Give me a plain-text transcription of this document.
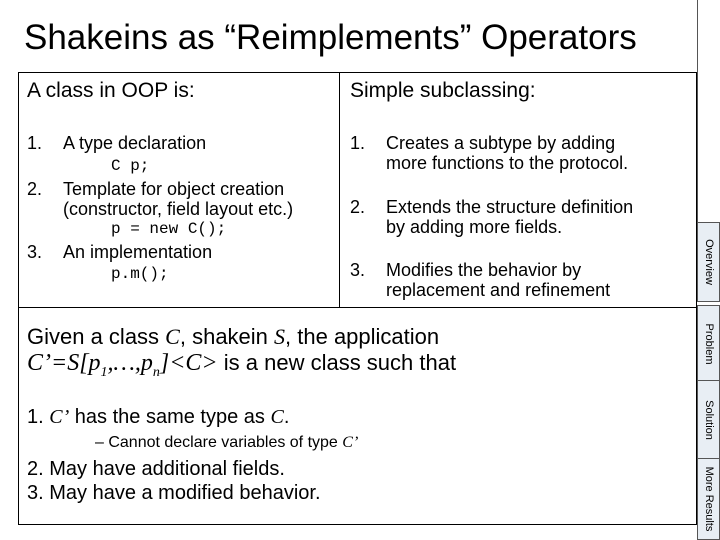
Shakeins as “Reimplements” Operators
A class in OOP is:
1. A type declaration
C p;
2. Template for object creation
(constructor, field layout etc.)
p = new C();
3. An implementation
p.m();
Simple subclassing:
1. Creates a subtype by adding
more functions to the protocol.
2. Extends the structure definition
by adding more fields.
3. Modifies the behavior by
replacement and refinement
Given a class C, shakein S, the application
$C’=S[p_1,\dots,p_n]<C>$ is a new class such that
1. C’ has the same type as C.
– Cannot declare variables of type C’
2. May have additional fields.
3. May have a modified behavior.
Overview
Problem
Solution
More Results
